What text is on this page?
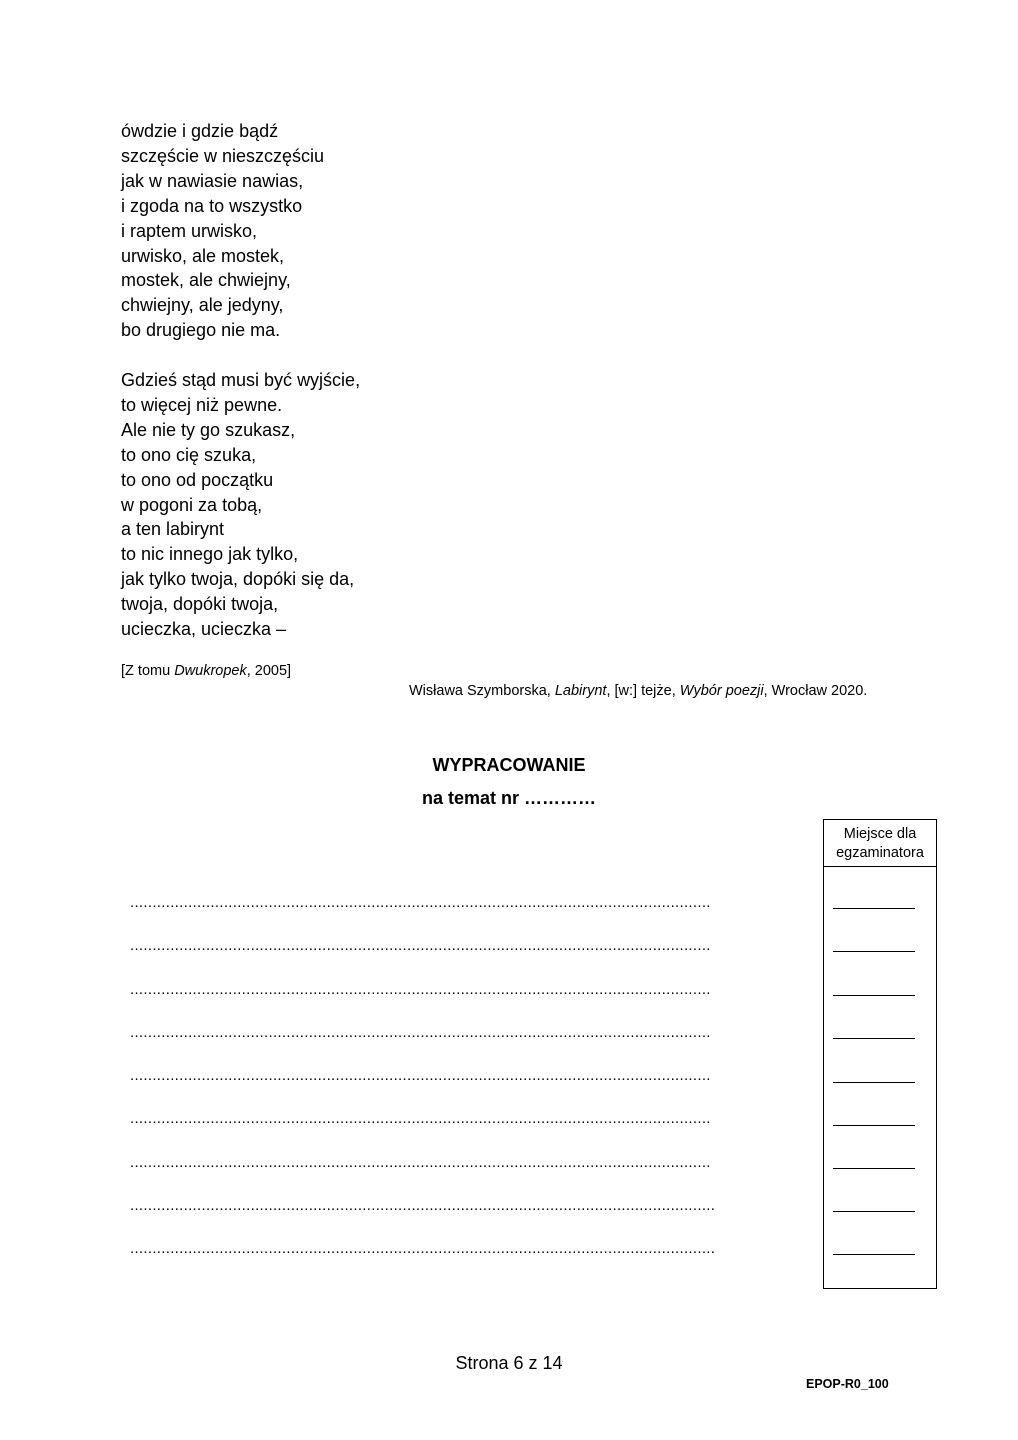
ówdzie i gdzie bądź
szczęście w nieszczęściu
jak w nawiasie nawias,
i zgoda na to wszystko
i raptem urwisko,
urwisko, ale mostek,
mostek, ale chwiejny,
chwiejny, ale jedyny,
bo drugiego nie ma.
Gdzieś stąd musi być wyjście,
to więcej niż pewne.
Ale nie ty go szukasz,
to ono cię szuka,
to ono od początku
w pogoni za tobą,
a ten labirynt
to nic innego jak tylko,
jak tylko twoja, dopóki się da,
twoja, dopóki twoja,
ucieczka, ucieczka –
[Z tomu Dwukropek, 2005]
Wisława Szymborska, Labirynt, [w:] tejże, Wybór poezji, Wrocław 2020.
WYPRACOWANIE
na temat nr …………
..................................................................................................................................
..................................................................................................................................
..................................................................................................................................
..................................................................................................................................
..................................................................................................................................
..................................................................................................................................
..................................................................................................................................
...................................................................................................................................
...................................................................................................................................
Miejsce dla
egzaminatora
Strona 6 z 14
EPOP-R0_100
